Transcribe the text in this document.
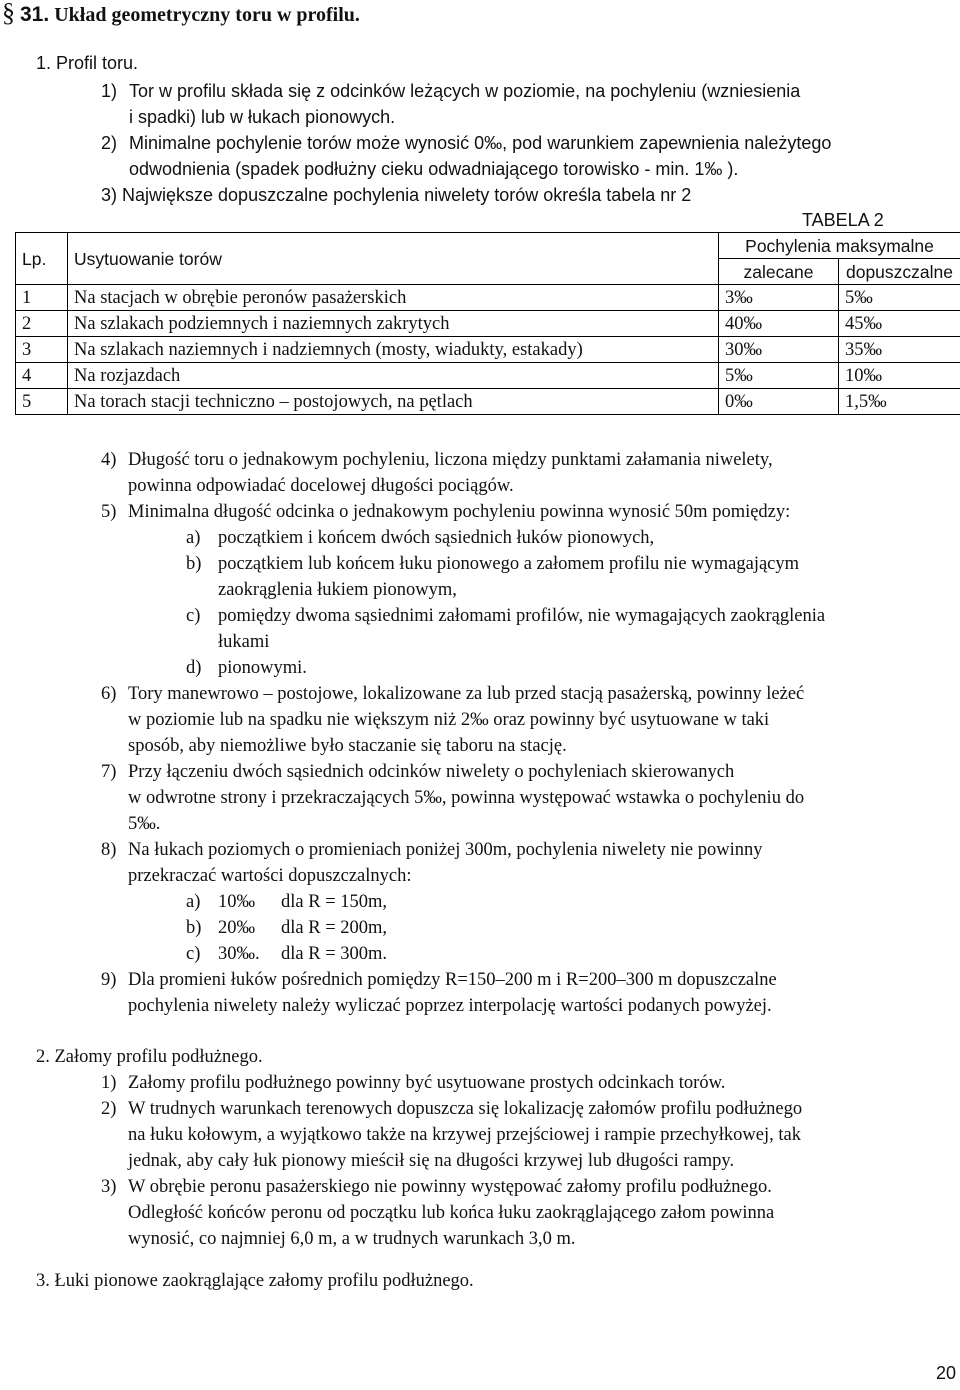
§ 31. Układ geometryczny toru w profilu.
1. Profil toru.
1) Tor w profilu składa się z odcinków leżących w poziomie, na pochyleniu (wzniesienia
i spadki) lub w łukach pionowych.
2) Minimalne pochylenie torów może wynosić 0‰, pod warunkiem zapewnienia należytego
odwodnienia (spadek podłużny cieku odwadniającego torowisko - min. 1‰ ).
3) Największe dopuszczalne pochylenia niwelety torów określa tabela nr 2
TABELA 2
Lp.	Usytuowanie torów	Pochylenia maksymalne	
		zalecane	dopuszczalne
1	Na stacjach w obrębie peronów pasażerskich	3‰	5‰
2	Na szlakach podziemnych i naziemnych zakrytych	40‰	45‰
3	Na szlakach naziemnych i nadziemnych (mosty, wiadukty, estakady)	30‰	35‰
4	Na rozjazdach	5‰	10‰
5	Na torach stacji techniczno – postojowych, na pętlach	0‰	1,5‰
4) Długość toru o jednakowym pochyleniu, liczona między punktami załamania niwelety,
powinna odpowiadać docelowej długości pociągów.
5) Minimalna długość odcinka o jednakowym pochyleniu powinna wynosić 50m pomiędzy:
a) początkiem i końcem dwóch sąsiednich łuków pionowych,
b) początkiem lub końcem łuku pionowego a załomem profilu nie wymagającym
zaokrąglenia łukiem pionowym,
c) pomiędzy dwoma sąsiednimi załomami profilów, nie wymagających zaokrąglenia
łukami
d) pionowymi.
6) Tory manewrowo – postojowe, lokalizowane za lub przed stacją pasażerską, powinny leżeć
w poziomie lub na spadku nie większym niż 2‰ oraz powinny być usytuowane w taki
sposób, aby niemożliwe było staczanie się taboru na stację.
7) Przy łączeniu dwóch sąsiednich odcinków niwelety o pochyleniach skierowanych
w odwrotne strony i przekraczających 5‰, powinna występować wstawka o pochyleniu do
5‰.
8) Na łukach poziomych o promieniach poniżej 300m, pochylenia niwelety nie powinny
przekraczać wartości dopuszczalnych:
a) 10‰ dla R = 150m,
b) 20‰ dla R = 200m,
c) 30‰. dla R = 300m.
9) Dla promieni łuków pośrednich pomiędzy R=150–200 m i R=200–300 m dopuszczalne
pochylenia niwelety należy wyliczać poprzez interpolację wartości podanych powyżej.
2. Załomy profilu podłużnego.
1) Załomy profilu podłużnego powinny być usytuowane prostych odcinkach torów.
2) W trudnych warunkach terenowych dopuszcza się lokalizację załomów profilu podłużnego
na łuku kołowym, a wyjątkowo także na krzywej przejściowej i rampie przechyłkowej, tak
jednak, aby cały łuk pionowy mieścił się na długości krzywej lub długości rampy.
3) W obrębie peronu pasażerskiego nie powinny występować załomy profilu podłużnego.
Odległość końców peronu od początku lub końca łuku zaokrąglającego załom powinna
wynosić, co najmniej 6,0 m, a w trudnych warunkach 3,0 m.
3. Łuki pionowe zaokrąglające załomy profilu podłużnego.
20
